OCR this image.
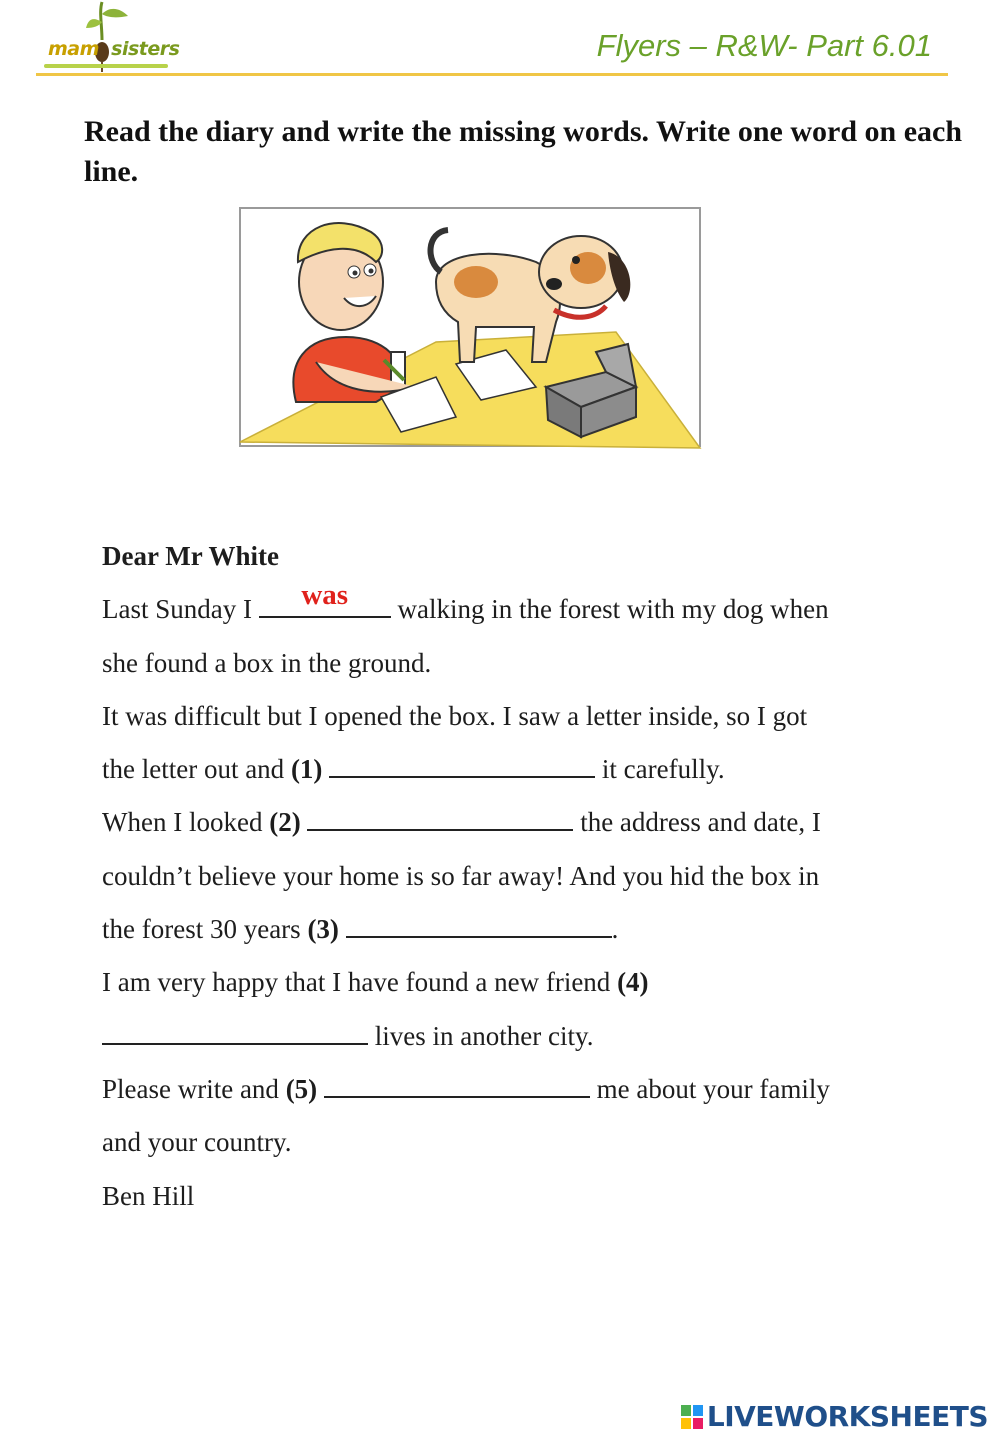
mam sisters	Flyers – R&W- Part 6.01
Read the diary and write the missing words. Write one word on each line.
Dear Mr White
Last Sunday I	was	walking in the forest with my dog when
she found a box in the ground.
It was difficult but I opened the box. I saw a letter inside, so I got
the letter out and (1)	it carefully.
When I looked (2)	the address and date, I
couldn’t believe your home is so far away! And you hid the box in
the forest 30 years (3)	.
I am very happy that I have found a new friend (4)
lives in another city.
Please write and (5)	me about your family
and your country.
Ben Hill
LIVEWORKSHEETS
